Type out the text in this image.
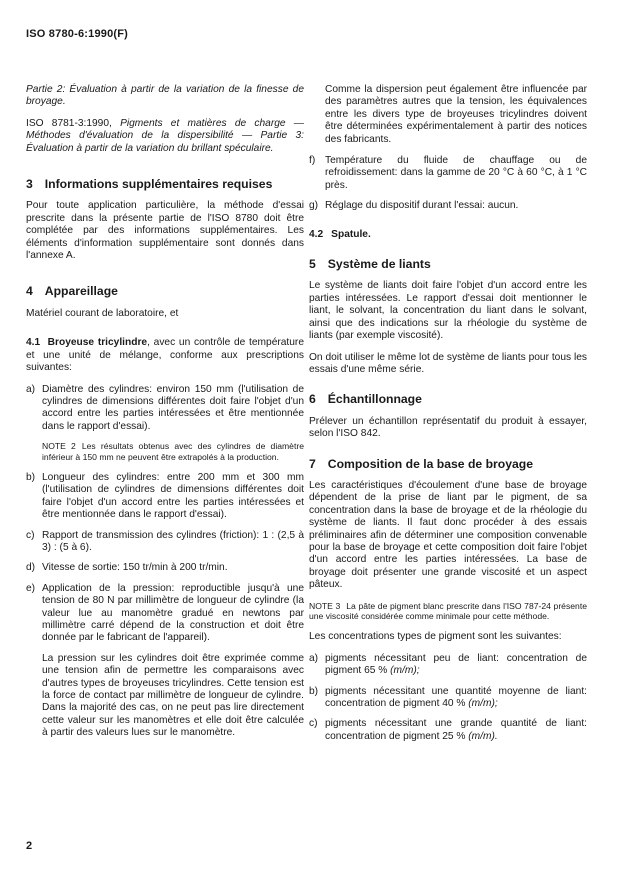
ISO 8780-6:1990(F)

Partie 2: Évaluation à partir de la variation de la finesse de broyage.

ISO 8781-3:1990, Pigments et matières de charge — Méthodes d'évaluation de la dispersibilité — Partie 3: Évaluation à partir de la variation du brillant spéculaire.

3 Informations supplémentaires requises

Pour toute application particulière, la méthode d'essai prescrite dans la présente partie de l'ISO 8780 doit être complétée par des informations supplémentaires. Les éléments d'information supplémentaire sont donnés dans l'annexe A.

4 Appareillage

Matériel courant de laboratoire, et

4.1 Broyeuse tricylindre, avec un contrôle de température et une unité de mélange, conforme aux prescriptions suivantes:

a) Diamètre des cylindres: environ 150 mm (l'utilisation de cylindres de dimensions différentes doit faire l'objet d'un accord entre les parties intéressées et être mentionnée dans le rapport d'essai).
NOTE 2 Les résultats obtenus avec des cylindres de diamètre inférieur à 150 mm ne peuvent être extrapolés à la production.
b) Longueur des cylindres: entre 200 mm et 300 mm (l'utilisation de cylindres de dimensions différentes doit faire l'objet d'un accord entre les parties intéressées et être mentionnée dans le rapport d'essai).
c) Rapport de transmission des cylindres (friction): 1 : (2,5 à 3) : (5 à 6).
d) Vitesse de sortie: 150 tr/min à 200 tr/min.
e) Application de la pression: reproductible jusqu'à une tension de 80 N par millimètre de longueur de cylindre (la valeur lue au manomètre gradué en newtons par millimètre carré dépend de la construction et doit être donnée par le fabricant de l'appareil).

La pression sur les cylindres doit être exprimée comme une tension afin de permettre les comparaisons avec d'autres types de broyeuses tricylindres. Cette tension est la force de contact par millimètre de longueur de cylindre. Dans la majorité des cas, on ne peut pas lire directement cette valeur sur les manomètres et elle doit être calculée à partir des valeurs lues sur le manomètre.

Comme la dispersion peut également être influencée par des paramètres autres que la tension, les équivalences entre les divers type de broyeuses tricylindres doivent être déterminées expérimentalement à partir des notices des fabricants.

f) Température du fluide de chauffage ou de refroidissement: dans la gamme de 20 °C à 60 °C, à 1 °C près.
g) Réglage du dispositif durant l'essai: aucun.
4.2 Spatule.
5 Système de liants

Le système de liants doit faire l'objet d'un accord entre les parties intéressées. Le rapport d'essai doit mentionner le liant, le solvant, la concentration du liant dans le solvant, ainsi que des indications sur la rhéologie du système de liants (par exemple viscosité).

On doit utiliser le même lot de système de liants pour tous les essais d'une même série.

6 Échantillonnage

Prélever un échantillon représentatif du produit à essayer, selon l'ISO 842.

7 Composition de la base de broyage

Les caractéristiques d'écoulement d'une base de broyage dépendent de la prise de liant par le pigment, de sa concentration dans la base de broyage et de la rhéologie du système de liants. Il faut donc procéder à des essais préliminaires afin de déterminer une composition convenable pour la base de broyage et cette composition doit faire l'objet d'un accord entre les parties intéressées. La base de broyage doit présenter une grande viscosité et un aspect pâteux.

NOTE 3 La pâte de pigment blanc prescrite dans l'ISO 787-24 présente une viscosité considérée comme minimale pour cette méthode.

Les concentrations types de pigment sont les suivantes:

a) pigments nécessitant peu de liant: concentration de pigment 65 % (m/m);
b) pigments nécessitant une quantité moyenne de liant: concentration de pigment 40 % (m/m);
c) pigments nécessitant une grande quantité de liant: concentration de pigment 25 % (m/m).
2
